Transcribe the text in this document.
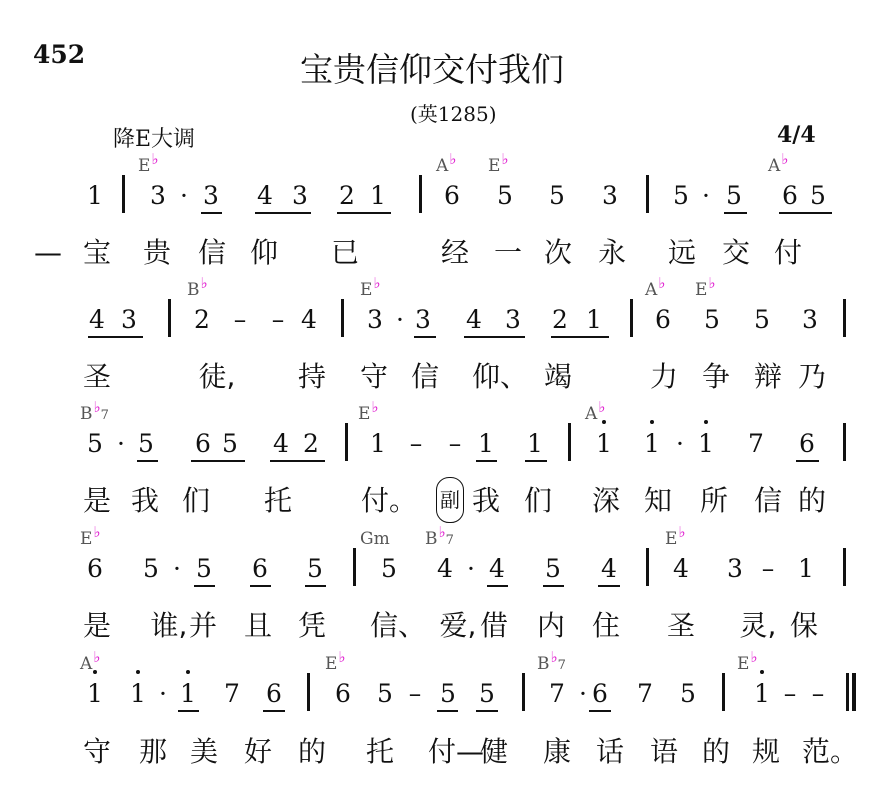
452	宝贵信仰交付我们
(英1285)
降E大调	4/4
1 3 · 3 4 3 2 1 6 5 5 3 5 · 5 6 5
E♭	A♭ E♭	A♭
— 宝 贵 信 仰 已	经 一 次 永 远 交 付
4 3 2 –	– 4 3 · 3 4 3 2 1 6 5 5 3
B♭	E♭	A♭ E♭
圣	徒,	持 守 信 仰、 竭	力 争 辩 乃
5 · 5 6 5 4 2 1 –	– 1 1 1 1 · 1 7 6
B♭7	E♭	A♭
是 我 们 托 付。 我 们 深 知 所 信 的
6 5 · 5 6 5 5 4 · 4 5 4 4 3 – 1
E♭	Gm B♭7	E♭
是	谁, 并 且 凭 信、 爱, 借 内 住 圣	灵, 保
1 1 · 1 7 6 6 5 – 5 5 7 · 6 7 5 1 – –
A♭	E♭	B♭7	E♭
守 那 美 好 的 托 付—
健 康 话 语 的 规 范。
副
